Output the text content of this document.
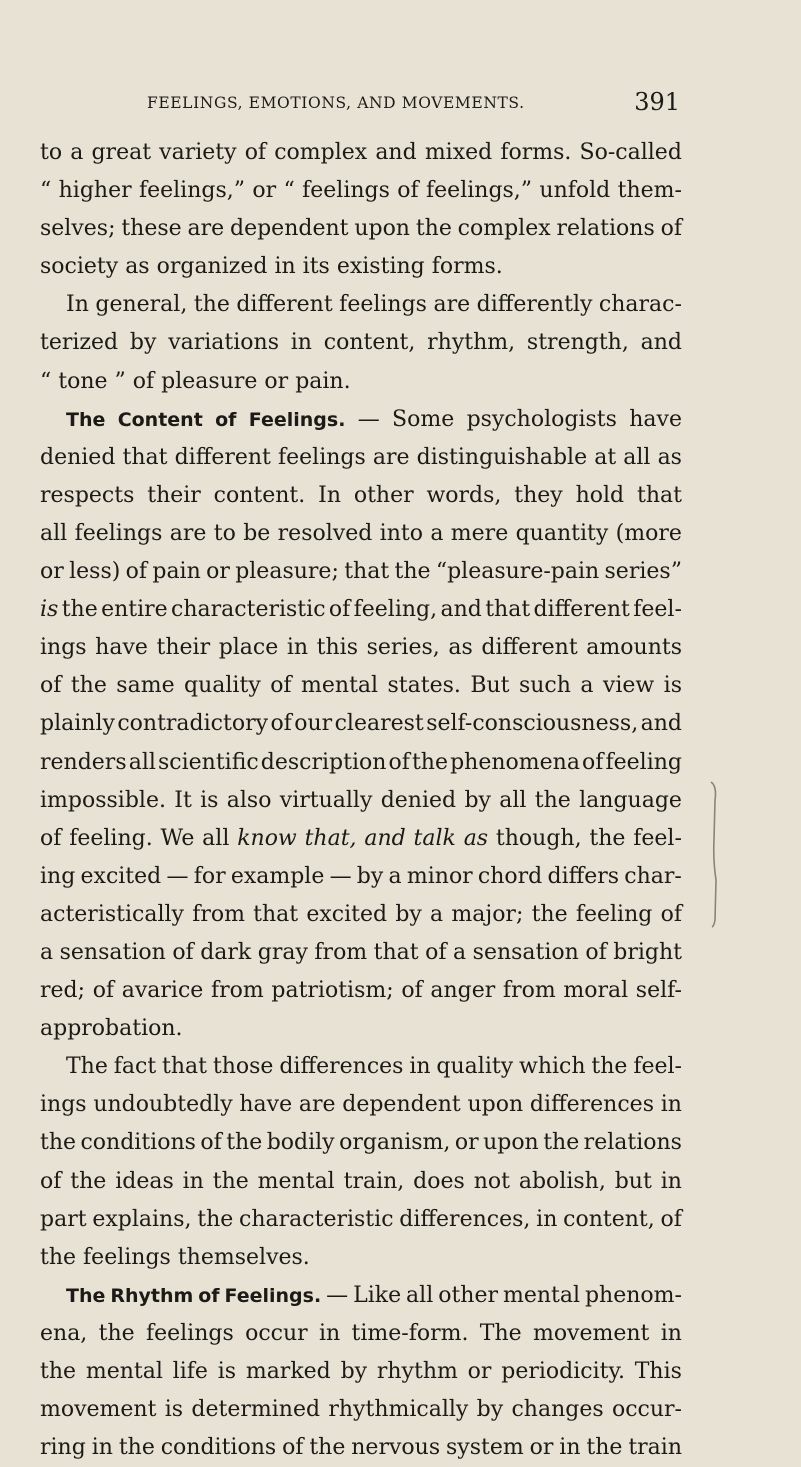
FEELINGS, EMOTIONS, AND MOVEMENTS.	391
to a great variety of complex and mixed forms. So-called
“ higher feelings,” or “ feelings of feelings,” unfold them-
selves; these are dependent upon the complex relations of
society as organized in its existing forms.
In general, the different feelings are differently charac-
terized by variations in content, rhythm, strength, and
“ tone ” of pleasure or pain.
The Content of Feelings. — Some psychologists have
denied that different feelings are distinguishable at all as
respects their content. In other words, they hold that
all feelings are to be resolved into a mere quantity (more
or less) of pain or pleasure; that the “pleasure-pain series”
is the entire characteristic of feeling, and that different feel-
ings have their place in this series, as different amounts
of the same quality of mental states. But such a view is
plainly contradictory of our clearest self-consciousness, and
renders all scientific description of the phenomena of feeling
impossible. It is also virtually denied by all the language
of feeling. We all know that, and talk as though, the feel-
ing excited — for example — by a minor chord differs char-
acteristically from that excited by a major; the feeling of
a sensation of dark gray from that of a sensation of bright
red; of avarice from patriotism; of anger from moral self-
approbation.
The fact that those differences in quality which the feel-
ings undoubtedly have are dependent upon differences in
the conditions of the bodily organism, or upon the relations
of the ideas in the mental train, does not abolish, but in
part explains, the characteristic differences, in content, of
the feelings themselves.
The Rhythm of Feelings. — Like all other mental phenom-
ena, the feelings occur in time-form. The movement in
the mental life is marked by rhythm or periodicity. This
movement is determined rhythmically by changes occur-
ring in the conditions of the nervous system or in the train
